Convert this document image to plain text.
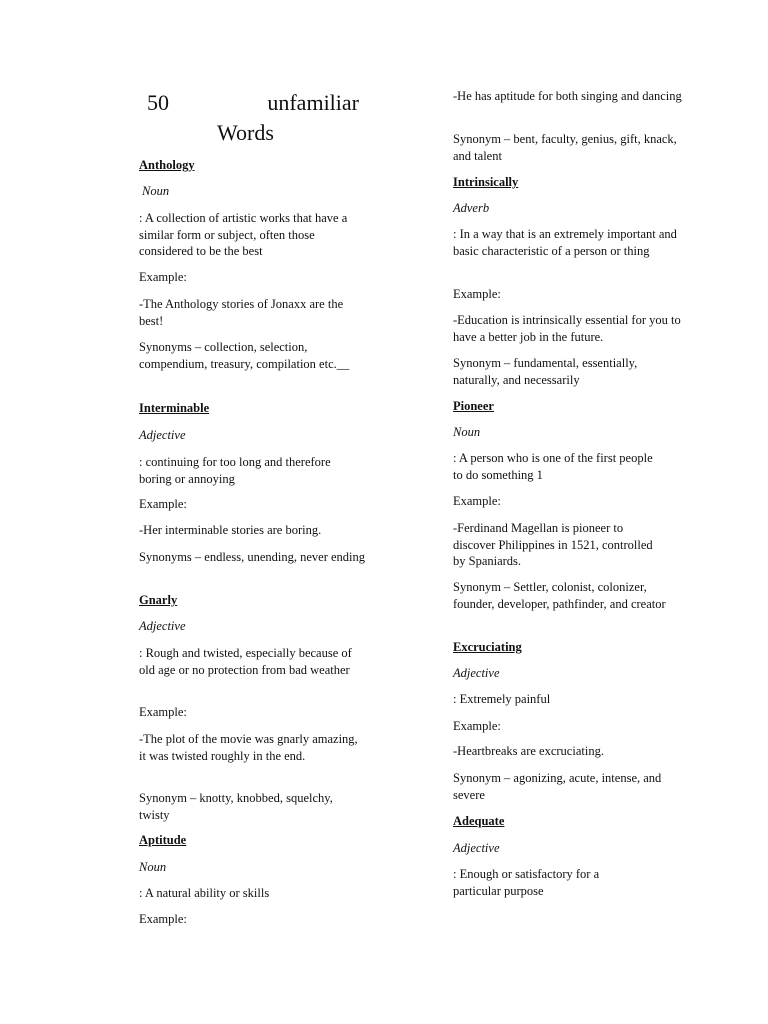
50	unfamiliar
Words
Anthology
Noun
: A collection of artistic works that have a similar form or subject, often those considered to be the best
Example:
-The Anthology stories of Jonaxx are the best!
Synonyms – collection, selection, compendium, treasury, compilation etc.__
Interminable
Adjective
: continuing for too long and therefore boring or annoying
Example:
-Her interminable stories are boring.
Synonyms – endless, unending, never ending
Gnarly
Adjective
: Rough and twisted, especially because of old age or no protection from bad weather
Example:
-The plot of the movie was gnarly amazing, it was twisted roughly in the end.
Synonym – knotty, knobbed, squelchy, twisty
Aptitude
Noun
: A natural ability or skills
Example:
-He has aptitude for both singing and dancing
Synonym – bent, faculty, genius, gift, knack, and talent
Intrinsically
Adverb
: In a way that is an extremely important and basic characteristic of a person or thing
Example:
-Education is intrinsically essential for you to have a better job in the future.
Synonym – fundamental, essentially, naturally, and necessarily
Pioneer
Noun
: A person who is one of the first people to do something 1
Example:
-Ferdinand Magellan is pioneer to discover Philippines in 1521, controlled by Spaniards.
Synonym – Settler, colonist, colonizer, founder, developer, pathfinder, and creator
Excruciating
Adjective
: Extremely painful
Example:
-Heartbreaks are excruciating.
Synonym – agonizing, acute, intense, and severe
Adequate
Adjective
: Enough or satisfactory for a particular purpose
